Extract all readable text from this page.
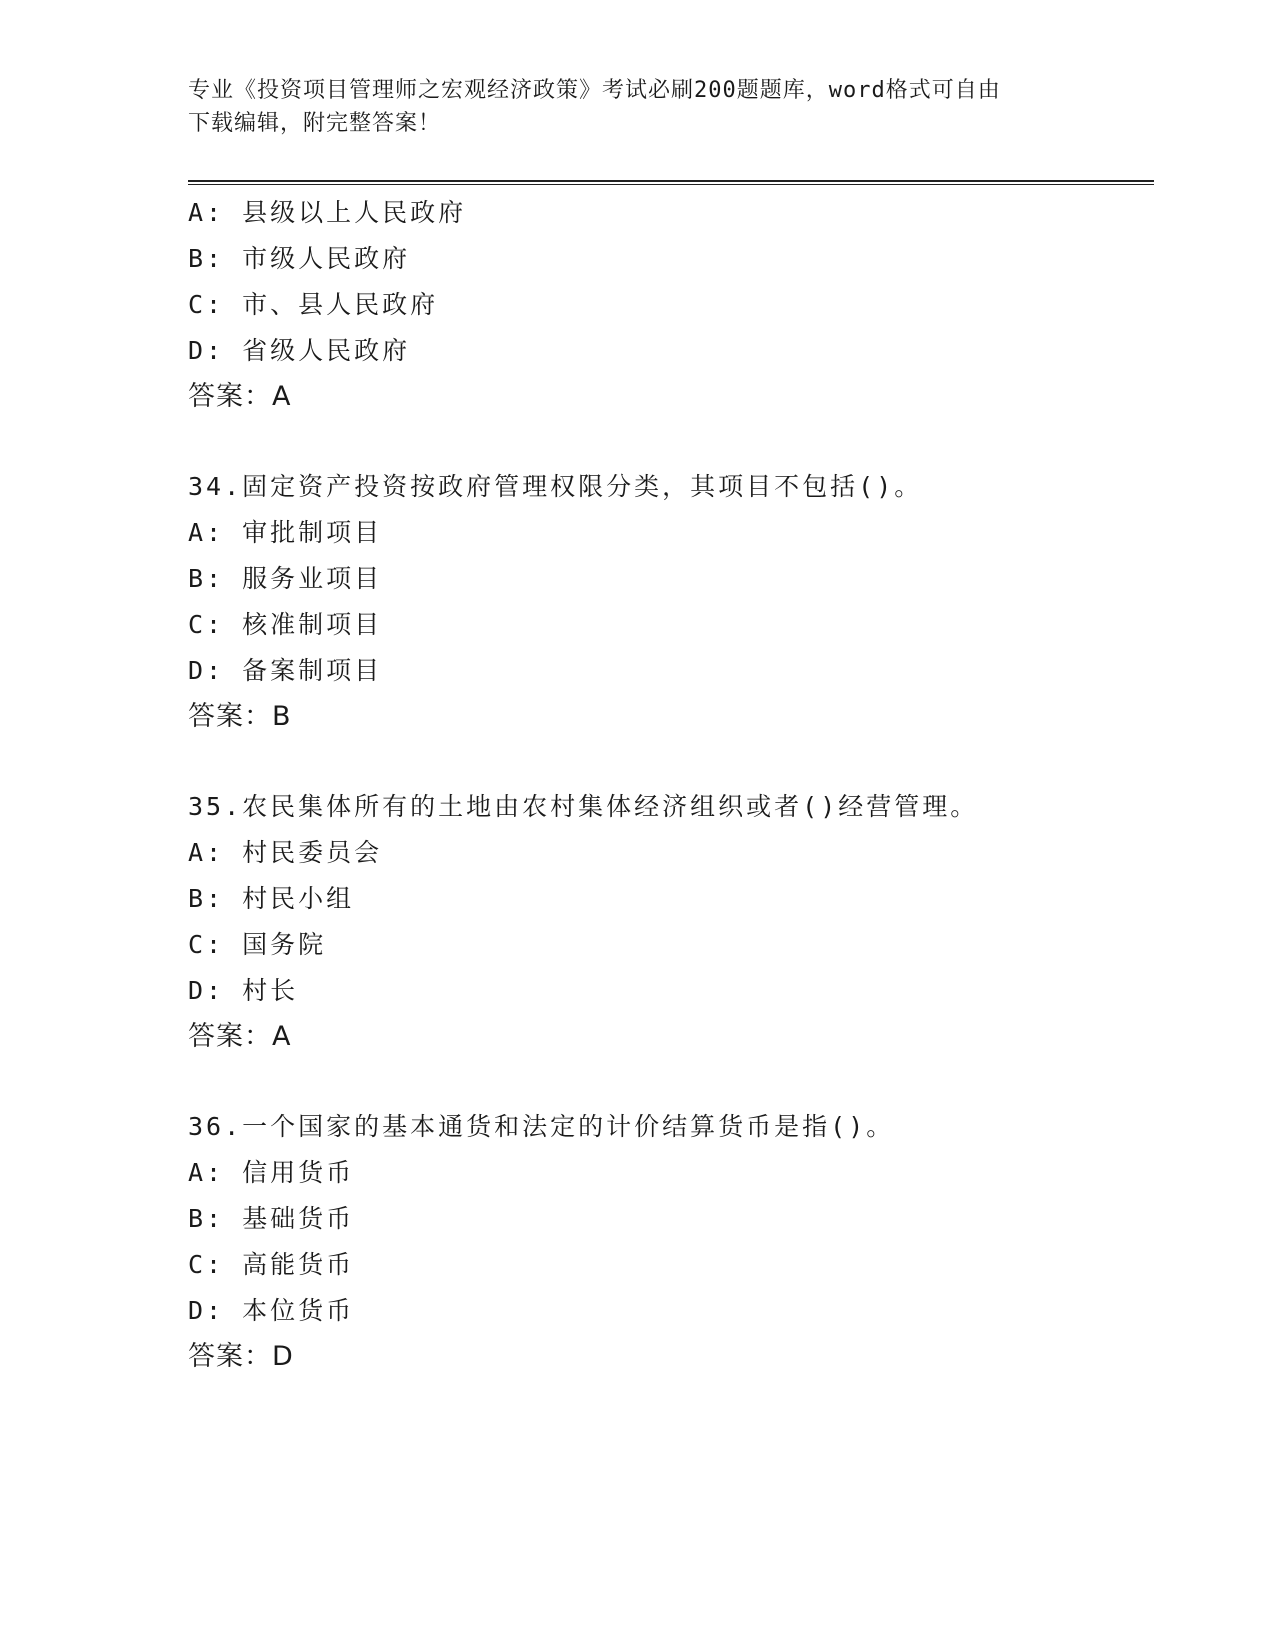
专业《投资项目管理师之宏观经济政策》考试必刷200题题库，word格式可自由
下载编辑，附完整答案！
A: 县级以上人民政府
B: 市级人民政府
C: 市、县人民政府
D: 省级人民政府
答案：A
34.固定资产投资按政府管理权限分类，其项目不包括()。
A: 审批制项目
B: 服务业项目
C: 核准制项目
D: 备案制项目
答案：B
35.农民集体所有的土地由农村集体经济组织或者()经营管理。
A: 村民委员会
B: 村民小组
C: 国务院
D: 村长
答案：A
36.一个国家的基本通货和法定的计价结算货币是指()。
A: 信用货币
B: 基础货币
C: 高能货币
D: 本位货币
答案：D
